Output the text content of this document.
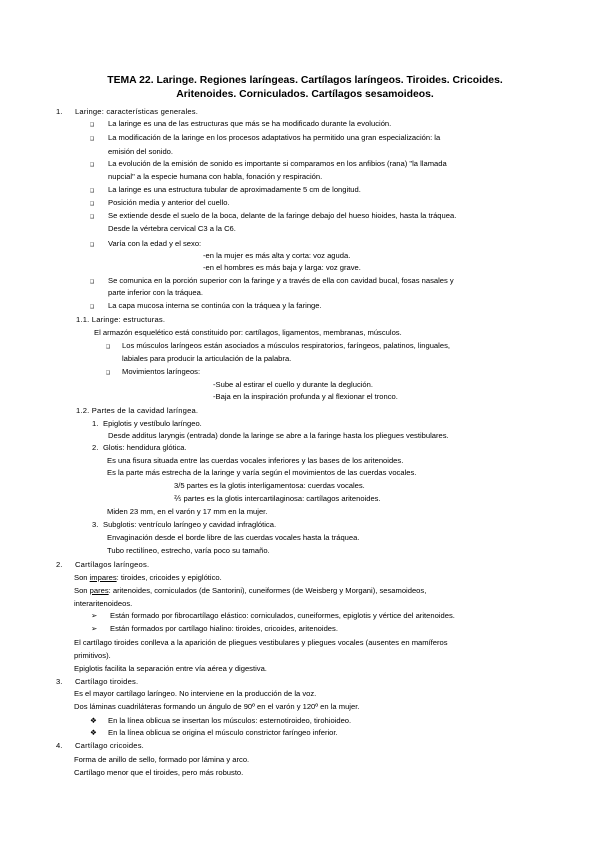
TEMA 22. Laringe. Regiones laríngeas. Cartílagos laríngeos. Tiroides. Cricoides.
Aritenoides. Corniculados. Cartílagos sesamoideos.
1. Laringe: características generales.
❑ La laringe es una de las estructuras que más se ha modificado durante la evolución.
❑ La modificación de la laringe en los procesos adaptativos ha permitido una gran especialización: la
emisión del sonido.
❑ La evolución de la emisión de sonido es importante si comparamos en los anfibios (rana) "la llamada
nupcial" a la especie humana con habla, fonación y respiración.
❑ La laringe es una estructura tubular de aproximadamente 5 cm de longitud.
❑ Posición media y anterior del cuello.
❑ Se extiende desde el suelo de la boca, delante de la faringe debajo del hueso hioides, hasta la tráquea.
Desde la vértebra cervical C3 a la C6.
❑ Varía con la edad y el sexo:
-en la mujer es más alta y corta: voz aguda.
-en el hombres es más baja y larga: voz grave.
❑ Se comunica en la porción superior con la faringe y a través de ella con cavidad bucal, fosas nasales y
parte inferior con la tráquea.
❑ La capa mucosa interna se continúa con la tráquea y la faringe.
1.1. Laringe: estructuras.
El armazón esquelético está constituido por: cartílagos, ligamentos, membranas, músculos.
❑ Los músculos laríngeos están asociados a músculos respiratorios, faríngeos, palatinos, linguales,
labiales para producir la articulación de la palabra.
❑ Movimientos laríngeos:
-Sube al estirar el cuello y durante la deglución.
-Baja en la inspiración profunda y al flexionar el tronco.
1.2. Partes de la cavidad laríngea.
1. Epiglotis y vestíbulo laríngeo.
Desde additus laryngis (entrada) donde la laringe se abre a la faringe hasta los pliegues vestibulares.
2. Glotis: hendidura glótica.
Es una fisura situada entre las cuerdas vocales inferiores y las bases de los aritenoides.
Es la parte más estrecha de la laringe y varía según el movimientos de las cuerdas vocales.
3/5 partes es la glotis interligamentosa: cuerdas vocales.
⅖ partes es la glotis intercartilaginosa: cartílagos aritenoides.
Miden 23 mm, en el varón y 17 mm en la mujer.
3. Subglotis: ventrículo laríngeo y cavidad infraglótica.
Envaginación desde el borde libre de las cuerdas vocales hasta la tráquea.
Tubo rectilíneo, estrecho, varía poco su tamaño.
2. Cartílagos laríngeos.
Son impares: tiroides, cricoides y epiglótico.
Son pares: aritenoides, corniculados (de Santorini), cuneiformes (de Weisberg y Morgani), sesamoideos,
interaritenoideos.
➢ Están formado por fibrocartílago elástico: corniculados, cuneiformes, epiglotis y vértice del aritenoides.
➢ Están formados por cartílago hialino: tiroides, cricoides, aritenoides.
El cartílago tiroides conlleva a la aparición de pliegues vestibulares y pliegues vocales (ausentes en mamíferos
primitivos).
Epiglotis facilita la separación entre vía aérea y digestiva.
3. Cartílago tiroides.
Es el mayor cartílago laríngeo. No interviene en la producción de la voz.
Dos láminas cuadriláteras formando un ángulo de 90º en el varón y 120º en la mujer.
❖ En la línea oblicua se insertan los músculos: esternotiroideo, tirohioideo.
❖ En la línea oblicua se origina el músculo constrictor faríngeo inferior.
4. Cartílago cricoides.
Forma de anillo de sello, formado por lámina y arco.
Cartílago menor que el tiroides, pero más robusto.
